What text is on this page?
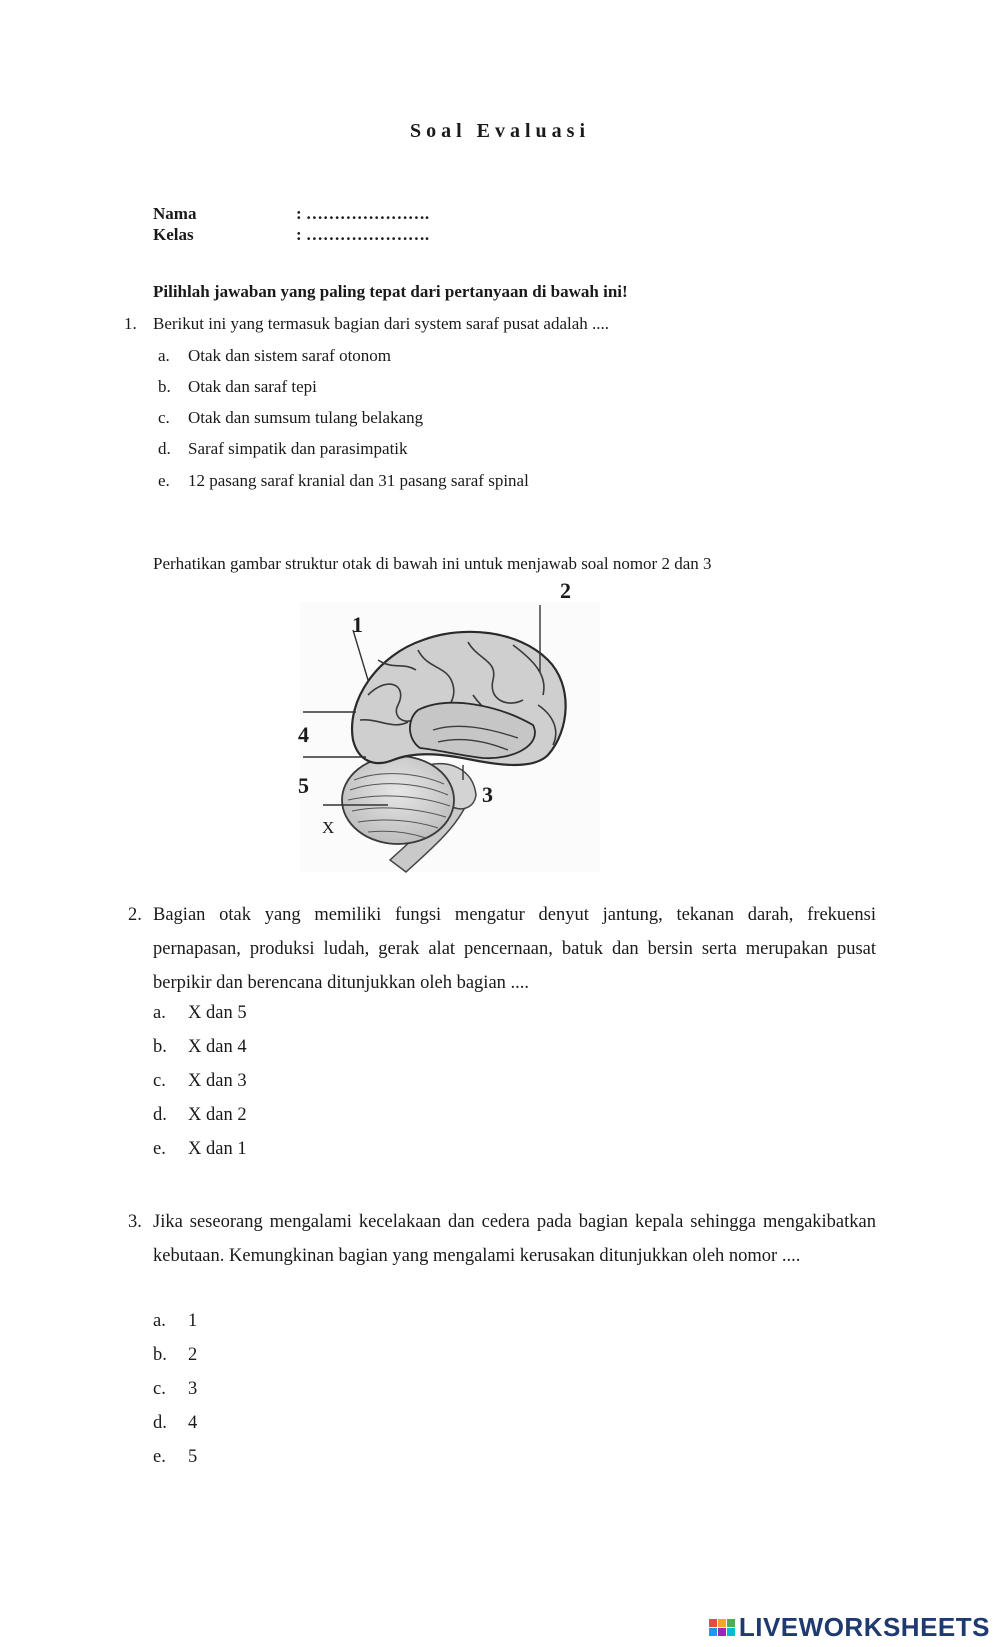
Soal Evaluasi
Nama	: ………………….
Kelas	: ………………….
Pilihlah jawaban yang paling tepat dari pertanyaan di bawah ini!
1. Berikut ini yang termasuk bagian dari system saraf pusat adalah ....
a. Otak dan sistem saraf otonom
b. Otak dan saraf tepi
c. Otak dan sumsum tulang belakang
d. Saraf simpatik dan parasimpatik
e. 12 pasang saraf kranial dan 31 pasang saraf spinal
Perhatikan gambar struktur otak di bawah ini untuk menjawab soal nomor 2 dan 3
1
2
3
4
5
X
2. Bagian otak yang memiliki fungsi mengatur denyut jantung, tekanan darah, frekuensi pernapasan, produksi ludah, gerak alat pencernaan, batuk dan bersin serta merupakan pusat berpikir dan berencana ditunjukkan oleh bagian ....
a. X dan 5
b. X dan 4
c. X dan 3
d. X dan 2
e. X dan 1
3. Jika seseorang mengalami kecelakaan dan cedera pada bagian kepala sehingga mengakibatkan kebutaan. Kemungkinan bagian yang mengalami kerusakan ditunjukkan oleh nomor ....
a. 1
b. 2
c. 3
d. 4
e. 5
LIVEWORKSHEETS
